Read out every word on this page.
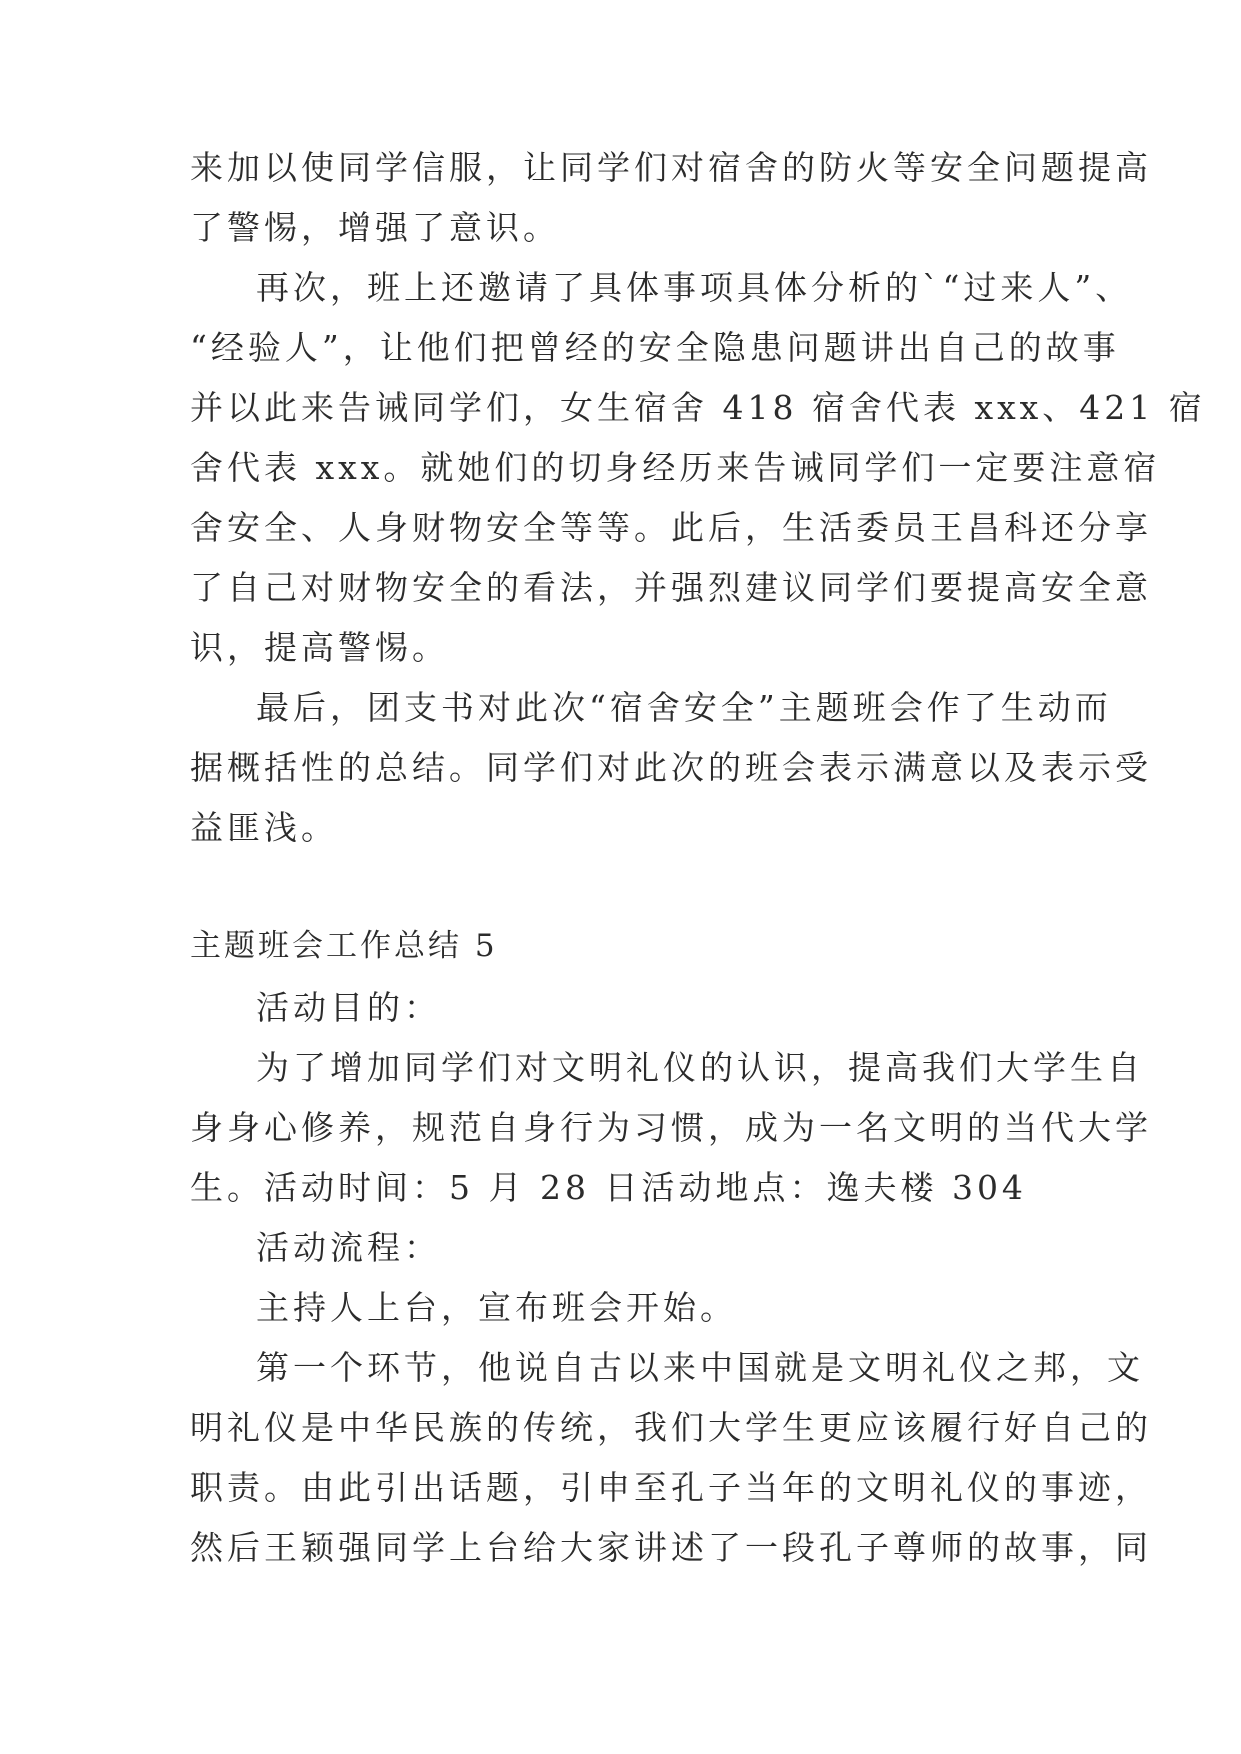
来加以使同学信服，让同学们对宿舍的防火等安全问题提高
了警惕，增强了意识。
再次，班上还邀请了具体事项具体分析的`“过来人”、
“经验人”，让他们把曾经的安全隐患问题讲出自己的故事
并以此来告诫同学们，女生宿舍 418 宿舍代表 xxx、421 宿
舍代表 xxx。就她们的切身经历来告诫同学们一定要注意宿
舍安全、人身财物安全等等。此后，生活委员王昌科还分享
了自己对财物安全的看法，并强烈建议同学们要提高安全意
识，提高警惕。
最后，团支书对此次“宿舍安全”主题班会作了生动而
据概括性的总结。同学们对此次的班会表示满意以及表示受
益匪浅。
主题班会工作总结 5
活动目的：
为了增加同学们对文明礼仪的认识，提高我们大学生自
身身心修养，规范自身行为习惯，成为一名文明的当代大学
生。活动时间：5 月 28 日活动地点：逸夫楼 304
活动流程：
主持人上台，宣布班会开始。
第一个环节，他说自古以来中国就是文明礼仪之邦，文
明礼仪是中华民族的传统，我们大学生更应该履行好自己的
职责。由此引出话题，引申至孔子当年的文明礼仪的事迹，
然后王颖强同学上台给大家讲述了一段孔子尊师的故事，同
